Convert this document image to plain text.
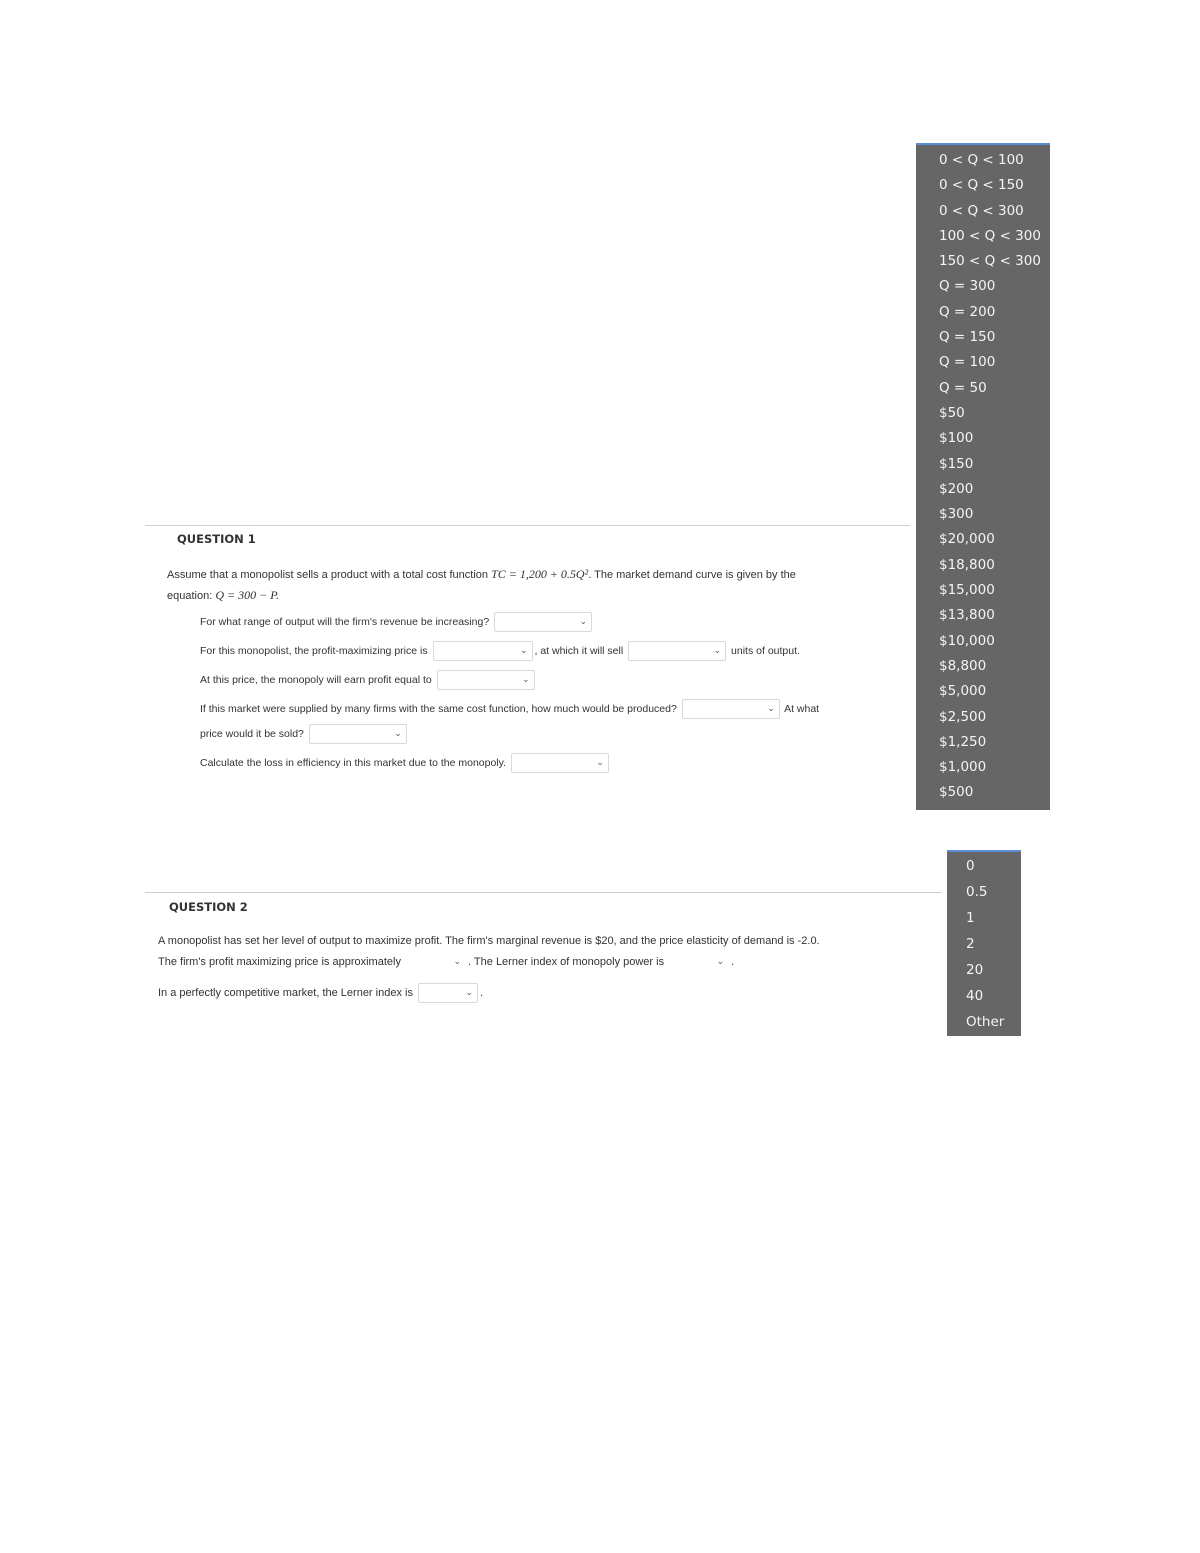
QUESTION 1
Assume that a monopolist sells a product with a total cost function TC = 1,200 + 0.5Q². The market demand curve is given by the
equation: Q = 300 − P.
For what range of output will the firm's revenue be increasing?	⌄
For this monopolist, the profit-maximizing price is	⌄ , at which it will sell	⌄ units of output.
At this price, the monopoly will earn profit equal to	⌄
If this market were supplied by many firms with the same cost function, how much would be produced?	⌄ At what
price would it be sold?	⌄
Calculate the loss in efficiency in this market due to the monopoly.	⌄
QUESTION 2
A monopolist has set her level of output to maximize profit. The firm's marginal revenue is $20, and the price elasticity of demand is -2.0.
The firm's profit maximizing price is approximately	⌄ . The Lerner index of monopoly power is	⌄ .
In a perfectly competitive market, the Lerner index is	⌄ .
0 < Q < 100
0 < Q < 150
0 < Q < 300
100 < Q < 300
150 < Q < 300
Q = 300
Q = 200
Q = 150
Q = 100
Q = 50
$50
$100
$150
$200
$300
$20,000
$18,800
$15,000
$13,800
$10,000
$8,800
$5,000
$2,500
$1,250
$1,000
$500
0
0.5
1
2
20
40
Other
